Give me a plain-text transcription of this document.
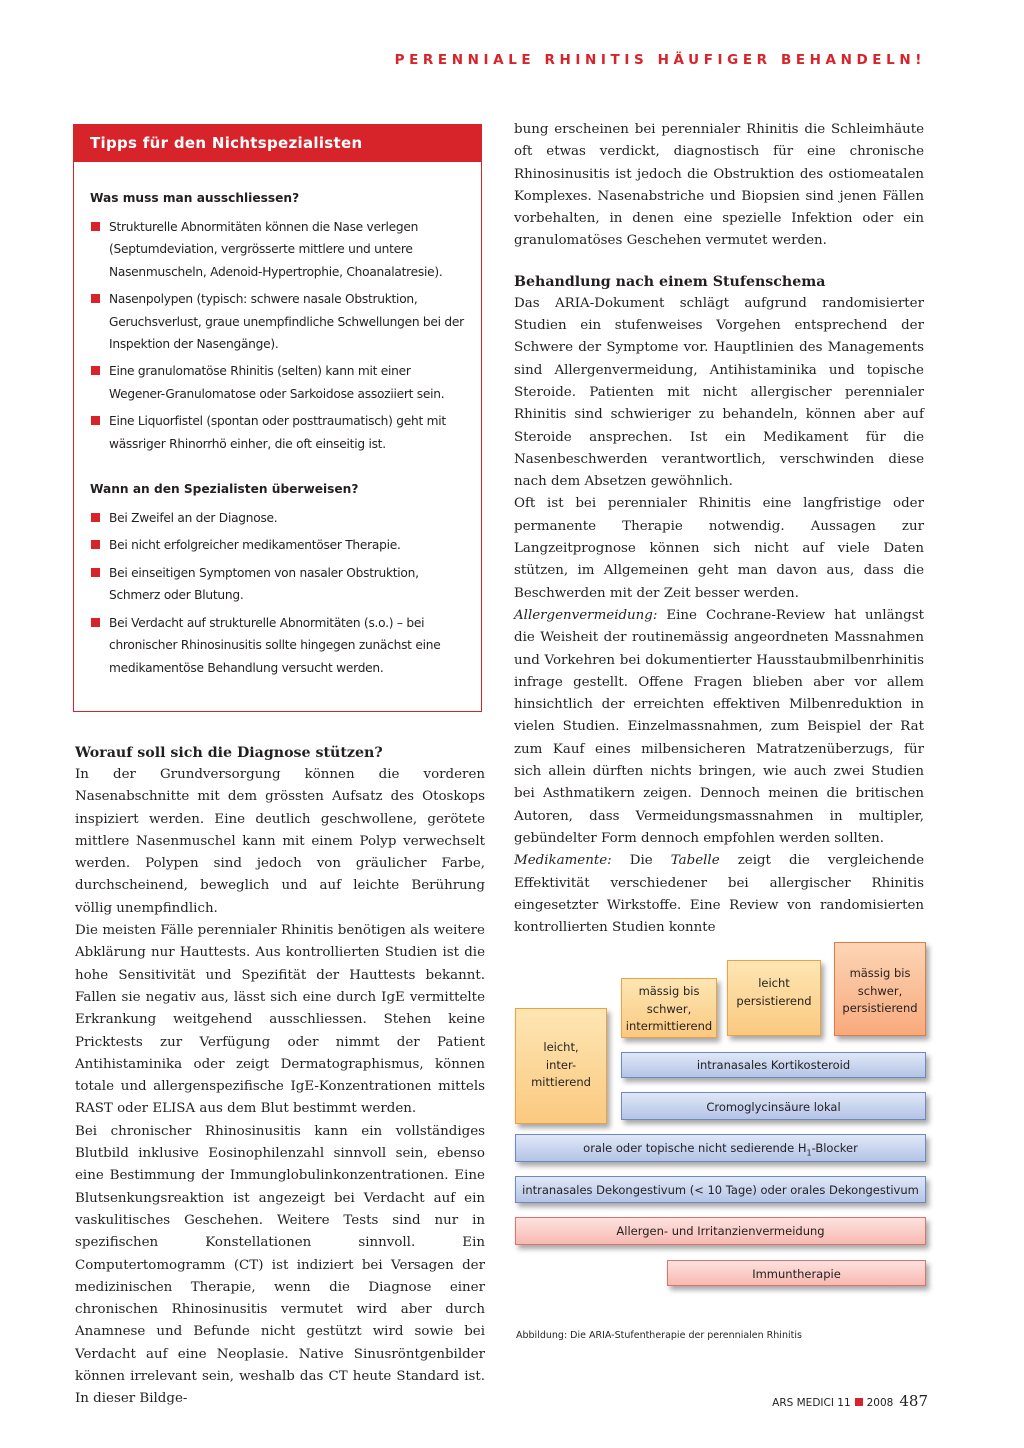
PERENNIALE RHINITIS HÄUFIGER BEHANDELN!
Tipps für den Nichtspezialisten
Was muss man ausschliessen?
Strukturelle Abnormitäten können die Nase verlegen (Septumdeviation, vergrösserte mittlere und untere Nasenmuscheln, Adenoid-Hypertrophie, Choanalatresie).
Nasenpolypen (typisch: schwere nasale Obstruktion, Geruchsverlust, graue unempfindliche Schwellungen bei der Inspektion der Nasengänge).
Eine granulomatöse Rhinitis (selten) kann mit einer Wegener-Granulomatose oder Sarkoidose assoziiert sein.
Eine Liquorfistel (spontan oder posttraumatisch) geht mit wässriger Rhinorrhö einher, die oft einseitig ist.
Wann an den Spezialisten überweisen?
Bei Zweifel an der Diagnose.
Bei nicht erfolgreicher medikamentöser Therapie.
Bei einseitigen Symptomen von nasaler Obstruktion, Schmerz oder Blutung.
Bei Verdacht auf strukturelle Abnormitäten (s.o.) – bei chronischer Rhinosinusitis sollte hingegen zunächst eine medikamentöse Behandlung versucht werden.
Worauf soll sich die Diagnose stützen?

In der Grundversorgung können die vorderen Nasenabschnitte mit dem grössten Aufsatz des Otoskops inspiziert werden. Eine deutlich geschwollene, gerötete mittlere Nasenmuschel kann mit einem Polyp verwechselt werden. Polypen sind jedoch von gräulicher Farbe, durchscheinend, beweglich und auf leichte Berührung völlig unempfindlich.

Die meisten Fälle perennialer Rhinitis benötigen als weitere Abklärung nur Hauttests. Aus kontrollierten Studien ist die hohe Sensitivität und Spezifität der Hauttests bekannt. Fallen sie negativ aus, lässt sich eine durch IgE vermittelte Erkrankung weitgehend ausschliessen. Stehen keine Pricktests zur Verfügung oder nimmt der Patient Antihistaminika oder zeigt Dermatographismus, können totale und allergenspezifische IgE-Konzentrationen mittels RAST oder ELISA aus dem Blut bestimmt werden.

Bei chronischer Rhinosinusitis kann ein vollständiges Blutbild inklusive Eosinophilenzahl sinnvoll sein, ebenso eine Bestimmung der Immunglobulinkonzentrationen. Eine Blutsenkungsreaktion ist angezeigt bei Verdacht auf ein vaskulitisches Geschehen. Weitere Tests sind nur in spezifischen Konstellationen sinnvoll. Ein Computertomogramm (CT) ist indiziert bei Versagen der medizinischen Therapie, wenn die Diagnose einer chronischen Rhinosinusitis vermutet wird aber durch Anamnese und Befunde nicht gestützt wird sowie bei Verdacht auf eine Neoplasie. Native Sinusröntgenbilder können irrelevant sein, weshalb das CT heute Standard ist. In dieser Bildge-

bung erscheinen bei perennialer Rhinitis die Schleimhäute oft etwas verdickt, diagnostisch für eine chronische Rhinosinusitis ist jedoch die Obstruktion des ostiomeatalen Komplexes. Nasenabstriche und Biopsien sind jenen Fällen vorbehalten, in denen eine spezielle Infektion oder ein granulomatöses Geschehen vermutet werden.

Behandlung nach einem Stufenschema

Das ARIA-Dokument schlägt aufgrund randomisierter Studien ein stufenweises Vorgehen entsprechend der Schwere der Symptome vor. Hauptlinien des Managements sind Allergenvermeidung, Antihistaminika und topische Steroide. Patienten mit nicht allergischer perennialer Rhinitis sind schwieriger zu behandeln, können aber auf Steroide ansprechen. Ist ein Medikament für die Nasenbeschwerden verantwortlich, verschwinden diese nach dem Absetzen gewöhnlich.

Oft ist bei perennialer Rhinitis eine langfristige oder permanente Therapie notwendig. Aussagen zur Langzeitprognose können sich nicht auf viele Daten stützen, im Allgemeinen geht man davon aus, dass die Beschwerden mit der Zeit besser werden.

Allergenvermeidung: Eine Cochrane-Review hat unlängst die Weisheit der routinemässig angeordneten Massnahmen und Vorkehren bei dokumentierter Hausstaubmilbenrhinitis infrage gestellt. Offene Fragen blieben aber vor allem hinsichtlich der erreichten effektiven Milbenreduktion in vielen Studien. Einzelmassnahmen, zum Beispiel der Rat zum Kauf eines milbensicheren Matratzenüberzugs, für sich allein dürften nichts bringen, wie auch zwei Studien bei Asthmatikern zeigen. Dennoch meinen die britischen Autoren, dass Vermeidungsmassnahmen in multipler, gebündelter Form dennoch empfohlen werden sollten.

Medikamente: Die Tabelle zeigt die vergleichende Effektivität verschiedener bei allergischer Rhinitis eingesetzter Wirkstoffe. Eine Review von randomisierten kontrollierten Studien konnte

leicht,
inter-
mittierend
mässig bis
schwer,
intermittierend
leicht
persistierend
mässig bis
schwer,
persistierend
intranasales Kortikosteroid
Cromoglycinsäure lokal
orale oder topische nicht sedierende $H_1$-Blocker
intranasales Dekongestivum (< 10 Tage) oder orales Dekongestivum
Allergen- und Irritanzienvermeidung
Immuntherapie
Abbildung: Die ARIA-Stufentherapie der perennialen Rhinitis
ARS MEDICI 11 2008 487
